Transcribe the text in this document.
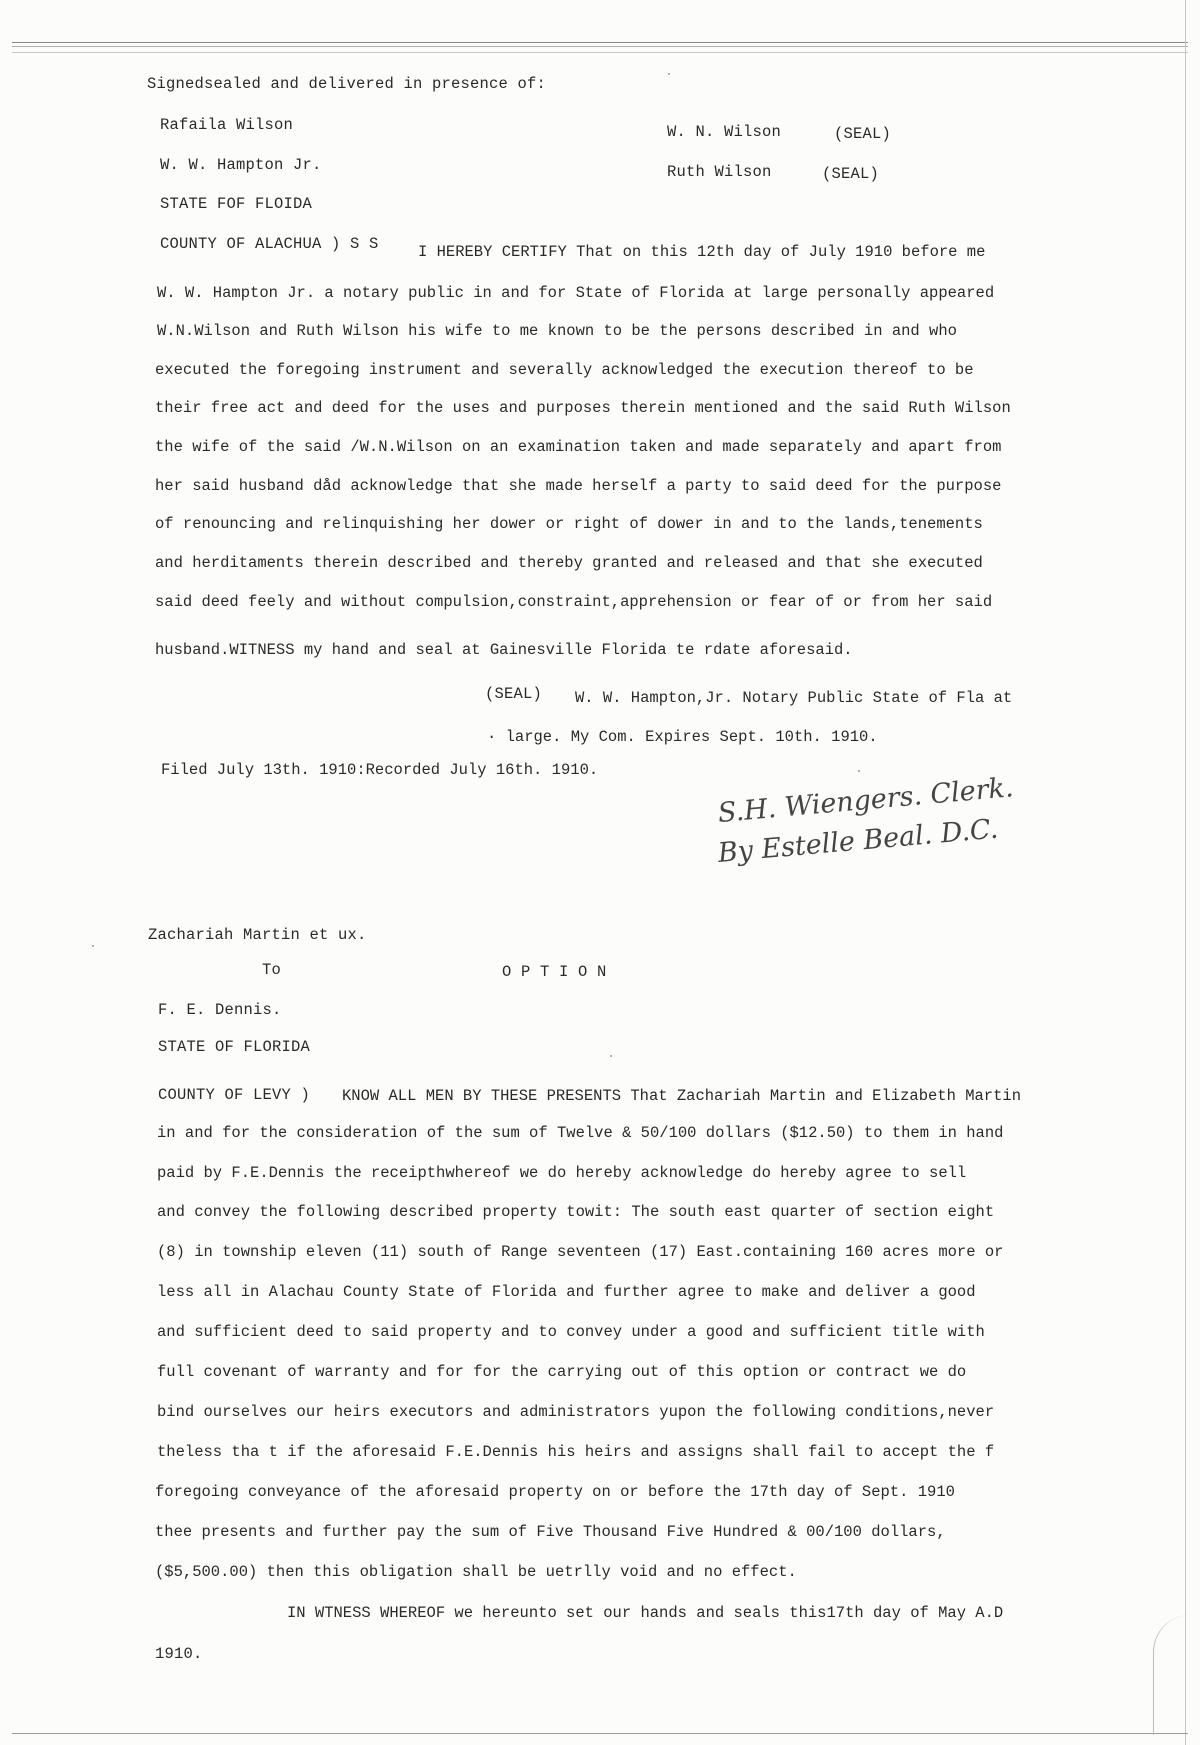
Signedsealed and delivered in presence of:
Rafaila Wilson	W. N. Wilson	(SEAL)
W. W. Hampton Jr.	Ruth Wilson	(SEAL)
STATE FOF FLOIDA
COUNTY OF ALACHUA ) S S	I HEREBY CERTIFY That on this 12th day of July 1910 before me
W. W. Hampton Jr. a notary public in and for State of Florida at large personally appeared
W.N.Wilson and Ruth Wilson his wife to me known to be the persons described in and who
executed the foregoing instrument and severally acknowledged the execution thereof to be
their free act and deed for the uses and purposes therein mentioned and the said Ruth Wilson
the wife of the said /W.N.Wilson on an examination taken and made separately and apart from
her said husband dåd acknowledge that she made herself a party to said deed for the purpose
of renouncing and relinquishing her dower or right of dower in and to the lands,tenements
and herditaments therein described and thereby granted and released and that she executed
said deed feely and without compulsion,constraint,apprehension or fear of or from her said
husband.WITNESS my hand and seal at Gainesville Florida te rdate aforesaid.
(SEAL) W. W. Hampton,Jr. Notary Public State of Fla at
· large. My Com. Expires Sept. 10th. 1910.
Filed July 13th. 1910:Recorded July 16th. 1910.
S.H. Wiengers. Clerk.
By Estelle Beal. D.C.
Zachariah Martin et ux.
To	O P T I O N
F. E. Dennis.
STATE OF FLORIDA
COUNTY OF LEVY ) KNOW ALL MEN BY THESE PRESENTS That Zachariah Martin and Elizabeth Martin
in and for the consideration of the sum of Twelve & 50/100 dollars ($12.50) to them in hand
paid by F.E.Dennis the receipthwhereof we do hereby acknowledge do hereby agree to sell
and convey the following described property towit: The south east quarter of section eight
(8) in township eleven (11) south of Range seventeen (17) East.containing 160 acres more or
less all in Alachau County State of Florida and further agree to make and deliver a good
and sufficient deed to said property and to convey under a good and sufficient title with
full covenant of warranty and for for the carrying out of this option or contract we do
bind ourselves our heirs executors and administrators yupon the following conditions,never
theless tha t if the aforesaid F.E.Dennis his heirs and assigns shall fail to accept the f
foregoing conveyance of the aforesaid property on or before the 17th day of Sept. 1910
thee presents and further pay the sum of Five Thousand Five Hundred & 00/100 dollars,
($5,500.00) then this obligation shall be uetrlly void and no effect.
IN WTNESS WHEREOF we hereunto set our hands and seals this17th day of May A.D
1910.
